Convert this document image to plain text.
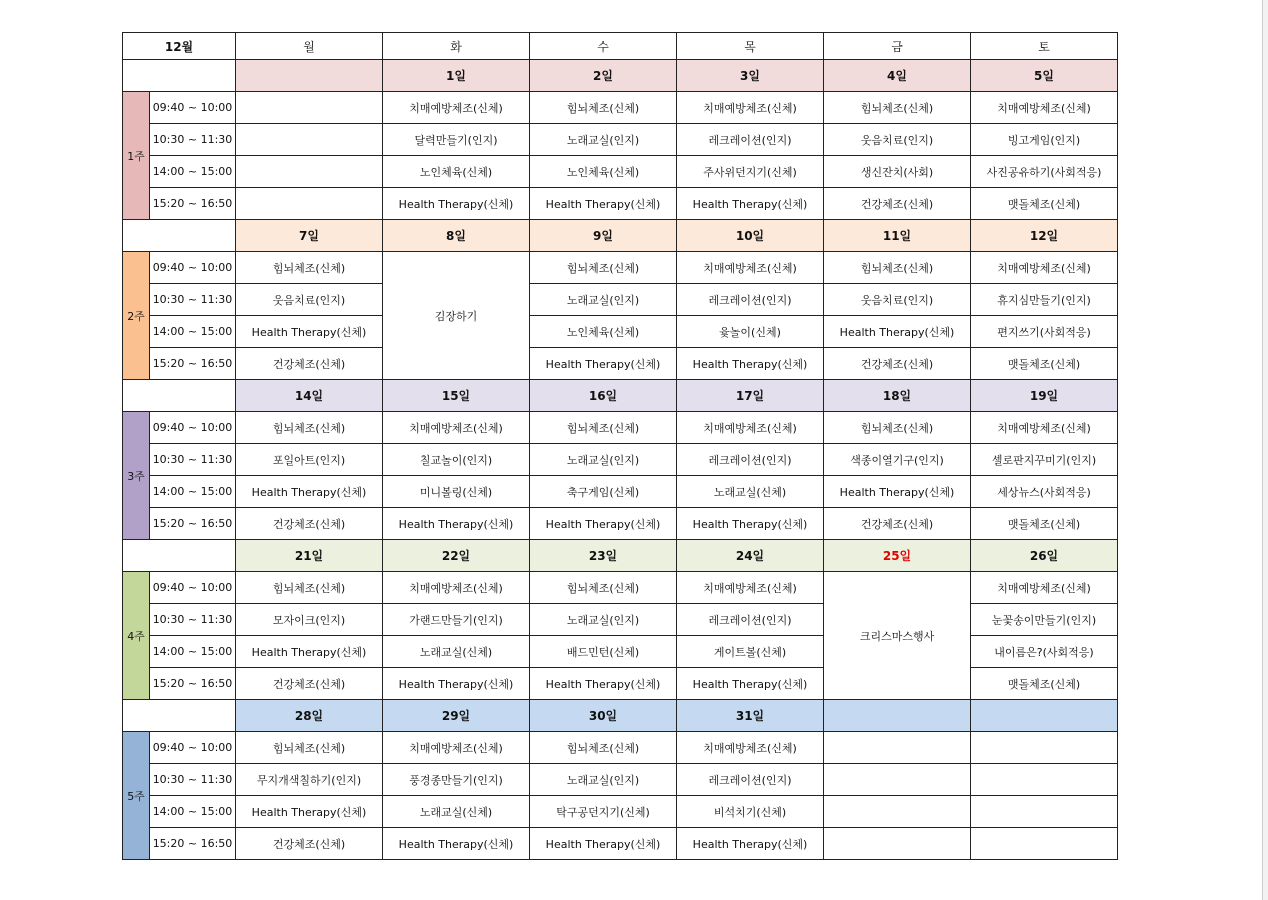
12월		월	화	수	목	금	토
			1일	2일	3일	4일	5일
1주	09:40 ~ 10:00		치매예방체조(신체)	힘뇌체조(신체)	치매예방체조(신체)	힘뇌체조(신체)	치매예방체조(신체)
	10:30 ~ 11:30		달력만들기(인지)	노래교실(인지)	레크레이션(인지)	웃음치료(인지)	빙고게임(인지)
	14:00 ~ 15:00		노인체육(신체)	노인체육(신체)	주사위던지기(신체)	생신잔치(사회)	사진공유하기(사회적응)
	15:20 ~ 16:50		Health Therapy(신체)	Health Therapy(신체)	Health Therapy(신체)	건강체조(신체)	맷돌체조(신체)
		7일	8일	9일	10일	11일	12일
2주	09:40 ~ 10:00	힘뇌체조(신체)	김장하기	힘뇌체조(신체)	치매예방체조(신체)	힘뇌체조(신체)	치매예방체조(신체)
	10:30 ~ 11:30	웃음치료(인지)		노래교실(인지)	레크레이션(인지)	웃음치료(인지)	휴지심만들기(인지)
	14:00 ~ 15:00	Health Therapy(신체)		노인체육(신체)	윷놀이(신체)	Health Therapy(신체)	편지쓰기(사회적응)
	15:20 ~ 16:50	건강체조(신체)		Health Therapy(신체)	Health Therapy(신체)	건강체조(신체)	맷돌체조(신체)
		14일	15일	16일	17일	18일	19일
3주	09:40 ~ 10:00	힘뇌체조(신체)	치매예방체조(신체)	힘뇌체조(신체)	치매예방체조(신체)	힘뇌체조(신체)	치매예방체조(신체)
	10:30 ~ 11:30	포일아트(인지)	칠교놀이(인지)	노래교실(인지)	레크레이션(인지)	색종이열기구(인지)	셀로판지꾸미기(인지)
	14:00 ~ 15:00	Health Therapy(신체)	미니볼링(신체)	축구게임(신체)	노래교실(신체)	Health Therapy(신체)	세상뉴스(사회적응)
	15:20 ~ 16:50	건강체조(신체)	Health Therapy(신체)	Health Therapy(신체)	Health Therapy(신체)	건강체조(신체)	맷돌체조(신체)
		21일	22일	23일	24일	25일	26일
4주	09:40 ~ 10:00	힘뇌체조(신체)	치매예방체조(신체)	힘뇌체조(신체)	치매예방체조(신체)	크리스마스행사	치매예방체조(신체)
	10:30 ~ 11:30	모자이크(인지)	가랜드만들기(인지)	노래교실(인지)	레크레이션(인지)		눈꽃송이만들기(인지)
	14:00 ~ 15:00	Health Therapy(신체)	노래교실(신체)	배드민턴(신체)	게이트볼(신체)		내이름은?(사회적응)
	15:20 ~ 16:50	건강체조(신체)	Health Therapy(신체)	Health Therapy(신체)	Health Therapy(신체)		맷돌체조(신체)
		28일	29일	30일	31일		
5주	09:40 ~ 10:00	힘뇌체조(신체)	치매예방체조(신체)	힘뇌체조(신체)	치매예방체조(신체)		
	10:30 ~ 11:30	무지개색칠하기(인지)	풍경종만들기(인지)	노래교실(인지)	레크레이션(인지)		
	14:00 ~ 15:00	Health Therapy(신체)	노래교실(신체)	탁구공던지기(신체)	비석치기(신체)		
	15:20 ~ 16:50	건강체조(신체)	Health Therapy(신체)	Health Therapy(신체)	Health Therapy(신체)		
